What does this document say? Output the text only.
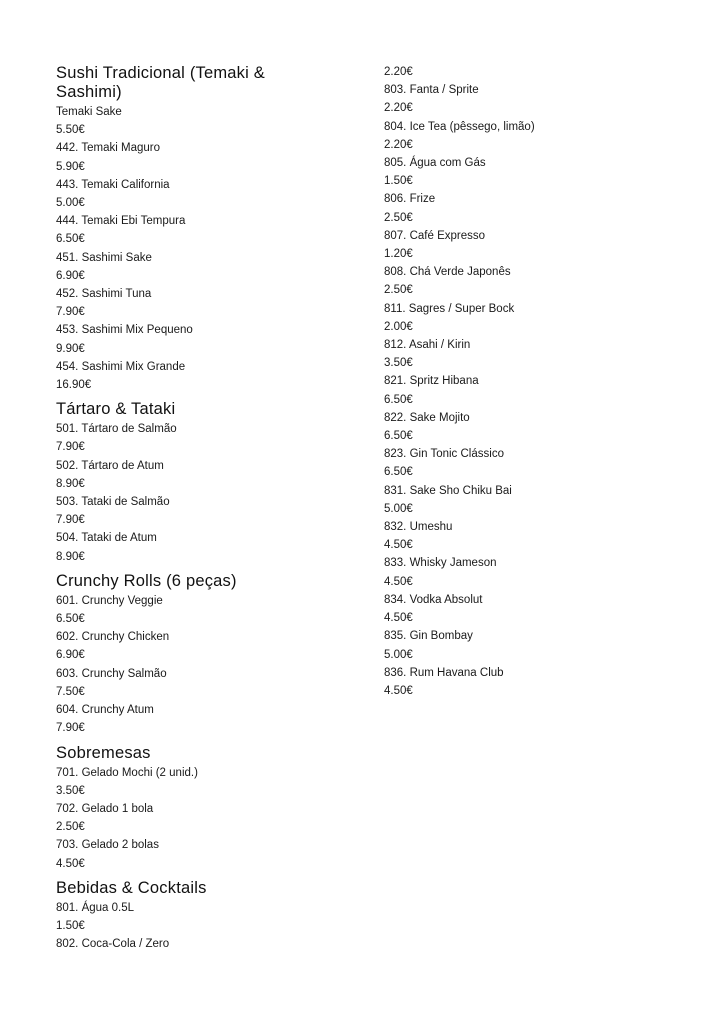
Sushi Tradicional (Temaki & Sashimi)
Temaki Sake
5.50€
442. Temaki Maguro
5.90€
443. Temaki California
5.00€
444. Temaki Ebi Tempura
6.50€
451. Sashimi Sake
6.90€
452. Sashimi Tuna
7.90€
453. Sashimi Mix Pequeno
9.90€
454. Sashimi Mix Grande
16.90€
Tártaro & Tataki
501. Tártaro de Salmão
7.90€
502. Tártaro de Atum
8.90€
503. Tataki de Salmão
7.90€
504. Tataki de Atum
8.90€
Crunchy Rolls (6 peças)
601. Crunchy Veggie
6.50€
602. Crunchy Chicken
6.90€
603. Crunchy Salmão
7.50€
604. Crunchy Atum
7.90€
Sobremesas
701. Gelado Mochi (2 unid.)
3.50€
702. Gelado 1 bola
2.50€
703. Gelado 2 bolas
4.50€
Bebidas & Cocktails
801. Água 0.5L
1.50€
802. Coca-Cola / Zero
2.20€
803. Fanta / Sprite
2.20€
804. Ice Tea (pêssego, limão)
2.20€
805. Água com Gás
1.50€
806. Frize
2.50€
807. Café Expresso
1.20€
808. Chá Verde Japonês
2.50€
811. Sagres / Super Bock
2.00€
812. Asahi / Kirin
3.50€
821. Spritz Hibana
6.50€
822. Sake Mojito
6.50€
823. Gin Tonic Clássico
6.50€
831. Sake Sho Chiku Bai
5.00€
832. Umeshu
4.50€
833. Whisky Jameson
4.50€
834. Vodka Absolut
4.50€
835. Gin Bombay
5.00€
836. Rum Havana Club
4.50€
